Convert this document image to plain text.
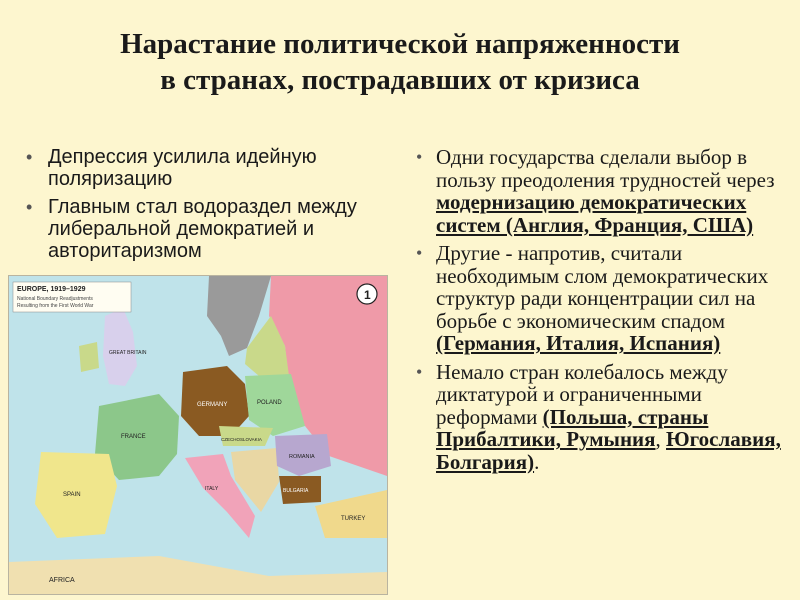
Нарастание политической напряженности
в странах, пострадавших от кризиса
• Депрессия усилила идейную поляризацию
• Главным стал водораздел между либеральной демократией и авторитаризмом
EUROPE, 1919–1929
National Boundary Readjustments
Resulting from the First World War
1
GREAT BRITAIN
FRANCE
SPAIN
GERMANY	POLAND
CZECHOSLOVAKIA
ROMANIA
BULGARIA
ITALY
TURKEY
AFRICA
• Одни государства сделали выбор в пользу преодоления трудностей через модернизацию демократических систем (Англия, Франция, США)
• Другие - напротив, считали необходимым слом демократических структур ради концентрации сил на борьбе с экономическим спадом (Германия, Италия, Испания)
• Немало стран колебалось между диктатурой и ограниченными реформами (Польша, страны Прибалтики, Румыния, Югославия, Болгария).
